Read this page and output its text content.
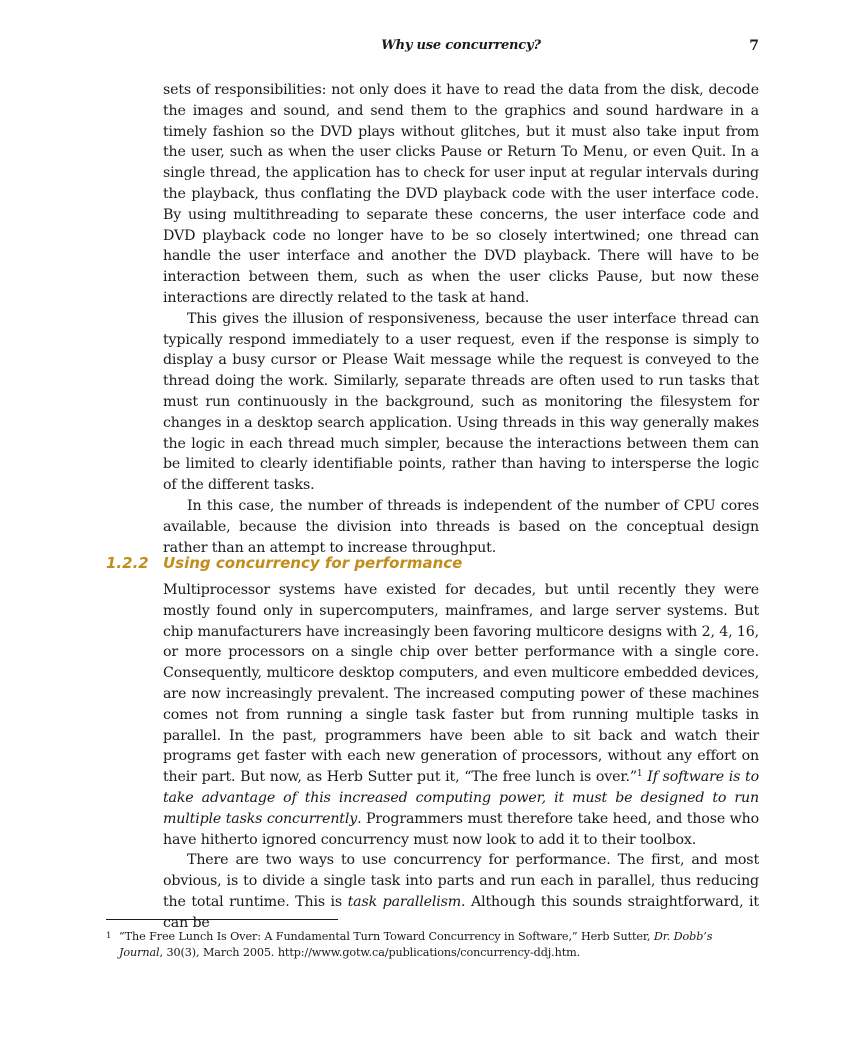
Why use concurrency?	7

sets of responsibilities: not only does it have to read the data from the disk, decode the images and sound, and send them to the graphics and sound hardware in a timely fashion so the DVD plays without glitches, but it must also take input from the user, such as when the user clicks Pause or Return To Menu, or even Quit. In a single thread, the application has to check for user input at regular intervals during the playback, thus conflating the DVD playback code with the user interface code. By using multithreading to separate these concerns, the user interface code and DVD playback code no longer have to be so closely intertwined; one thread can handle the user interface and another the DVD playback. There will have to be interaction between them, such as when the user clicks Pause, but now these interactions are directly related to the task at hand.

This gives the illusion of responsiveness, because the user interface thread can typically respond immediately to a user request, even if the response is simply to display a busy cursor or Please Wait message while the request is conveyed to the thread doing the work. Similarly, separate threads are often used to run tasks that must run continuously in the background, such as monitoring the filesystem for changes in a desktop search application. Using threads in this way generally makes the logic in each thread much simpler, because the interactions between them can be limited to clearly identifiable points, rather than having to intersperse the logic of the different tasks.

In this case, the number of threads is independent of the number of CPU cores available, because the division into threads is based on the conceptual design rather than an attempt to increase throughput.

1.2.2 Using concurrency for performance

Multiprocessor systems have existed for decades, but until recently they were mostly found only in supercomputers, mainframes, and large server systems. But chip manufacturers have increasingly been favoring multicore designs with 2, 4, 16, or more processors on a single chip over better performance with a single core. Consequently, multicore desktop computers, and even multicore embedded devices, are now increasingly prevalent. The increased computing power of these machines comes not from running a single task faster but from running multiple tasks in parallel. In the past, programmers have been able to sit back and watch their programs get faster with each new generation of processors, without any effort on their part. But now, as Herb Sutter put it, “The free lunch is over.”$^1$ If software is to take advantage of this increased computing power, it must be designed to run multiple tasks concurrently. Programmers must therefore take heed, and those who have hitherto ignored concurrency must now look to add it to their toolbox.

There are two ways to use concurrency for performance. The first, and most obvious, is to divide a single task into parts and run each in parallel, thus reducing the total runtime. This is task parallelism. Although this sounds straightforward, it can be

1 “The Free Lunch Is Over: A Fundamental Turn Toward Concurrency in Software,” Herb Sutter, Dr. Dobb’s Journal, 30(3), March 2005. http://www.gotw.ca/publications/concurrency-ddj.htm.
